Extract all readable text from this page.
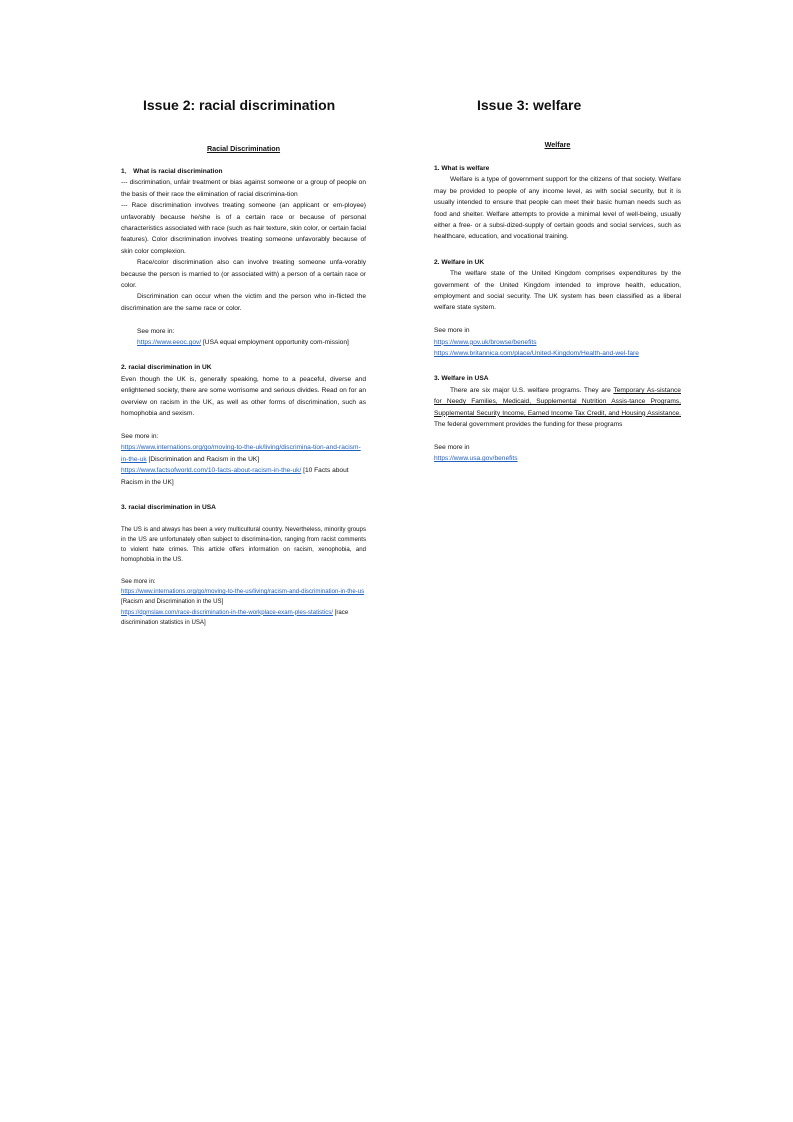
Issue 2: racial discrimination
Racial Discrimination

1． What is racial discrimination

--- discrimination, unfair treatment or bias against someone or a group of people on the basis of their race the elimination of racial discrimina-tion

--- Race discrimination involves treating someone (an applicant or em-ployee) unfavorably because he/she is of a certain race or because of personal characteristics associated with race (such as hair texture, skin color, or certain facial features). Color discrimination involves treating someone unfavorably because of skin color complexion.

Race/color discrimination also can involve treating someone unfa-vorably because the person is married to (or associated with) a person of a certain race or color.

Discrimination can occur when the victim and the person who in-flicted the discrimination are the same race or color.

See more in:

https://www.eeoc.gov/ [USA equal employment opportunity com-mission]

2. racial discrimination in UK

Even though the UK is, generally speaking, home to a peaceful, diverse and enlightened society, there are some worrisome and serious divides. Read on for an overview on racism in the UK, as well as other forms of discrimination, such as homophobia and sexism.

See more in:

https://www.internations.org/go/moving-to-the-uk/living/discrimina-tion-and-racism-in-the-uk [Discrimination and Racism in the UK]

https://www.factsofworld.com/10-facts-about-racism-in-the-uk/ [10 Facts about Racism in the UK]

3. racial discrimination in USA

The US is and always has been a very multicultural country. Nevertheless, minority groups in the US are unfortunately often subject to discrimina-tion, ranging from racist comments to violent hate crimes. This article offers information on racism, xenophobia, and homophobia in the US.

See more in:

https://www.internations.org/go/moving-to-the-us/living/racism-and-discrimination-in-the-us [Racism and Discrimination in the US]

https://dgmslaw.com/race-discrimination-in-the-workplace-exam-ples-statistics/ [race discrimination statistics in USA]

Issue 3: welfare
Welfare

1. What is welfare

Welfare is a type of government support for the citizens of that society. Welfare may be provided to people of any income level, as with social security, but it is usually intended to ensure that people can meet their basic human needs such as food and shelter. Welfare attempts to provide a minimal level of well-being, usually either a free- or a subsi-dized-supply of certain goods and social services, such as healthcare, education, and vocational training.

2. Welfare in UK

The welfare state of the United Kingdom comprises expenditures by the government of the United Kingdom intended to improve health, education, employment and social security. The UK system has been classified as a liberal welfare state system.

See more in

https://www.gov.uk/browse/benefits

https://www.britannica.com/place/United-Kingdom/Health-and-wel-fare

3. Welfare in USA

There are six major U.S. welfare programs. They are Temporary As-sistance for Needy Families, Medicaid, Supplemental Nutrition Assis-tance Programs, Supplemental Security Income, Earned Income Tax Credit, and Housing Assistance. The federal government provides the funding for these programs

See more in

https://www.usa.gov/benefits
